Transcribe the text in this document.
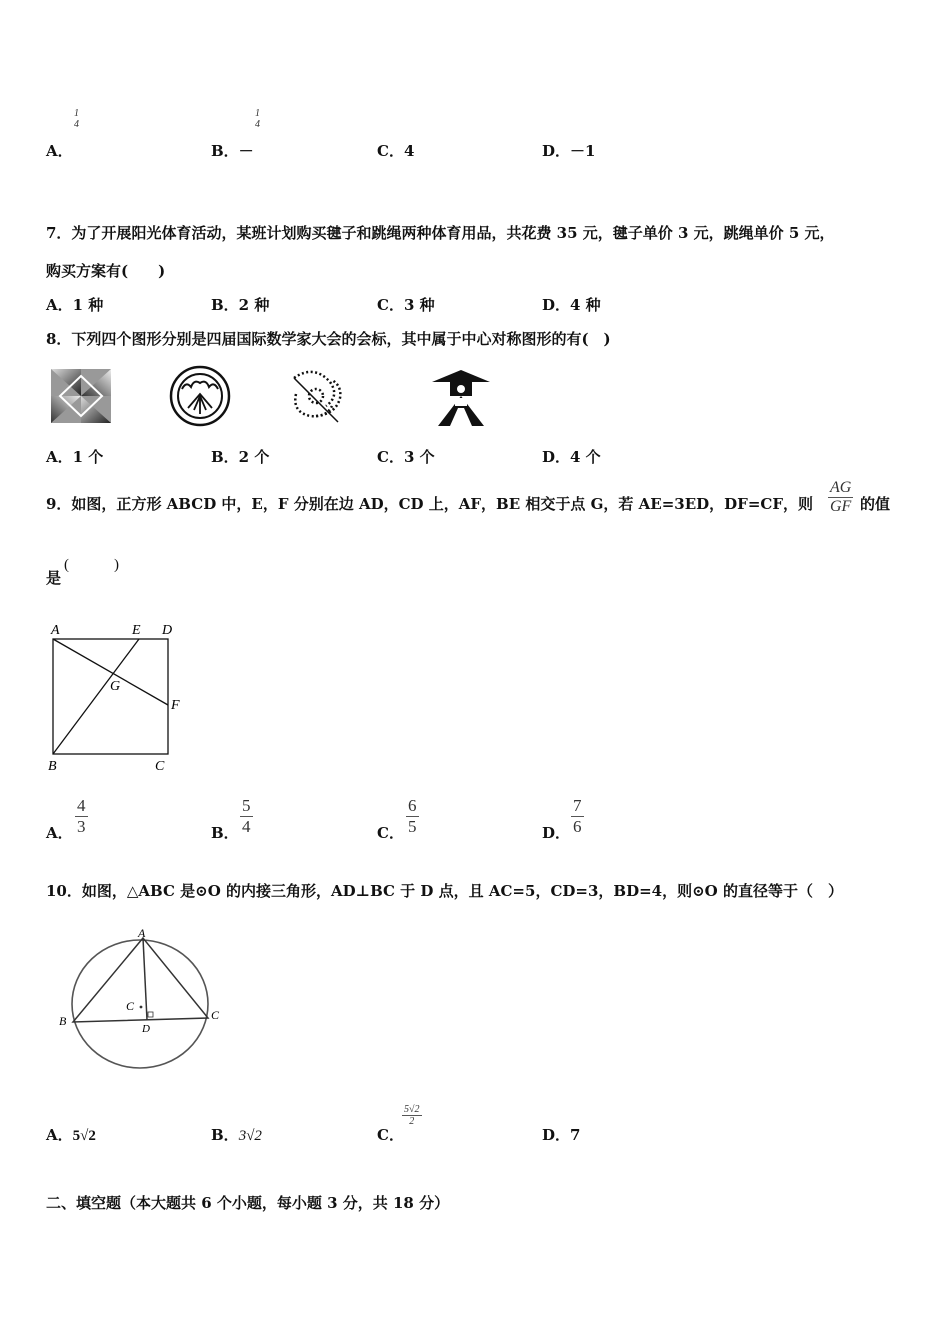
A．
1
4
B．－
1
4
C．4	D．－1
7．为了开展阳光体育活动，某班计划购买毽子和跳绳两种体育用品，共花费 35 元，毽子单价 3 元，跳绳单价 5 元，
购买方案有(　　)
A．1 种	B．2 种	C．3 种	D．4 种
8．下列四个图形分别是四届国际数学家大会的会标，其中属于中心对称图形的有(　)
A．1 个	B．2 个	C．3 个	D．4 个
9．如图，正方形 ABCD 中，E，F 分别在边 AD，CD 上，AF，BE 相交于点 G，若 AE=3ED，DF=CF，则
AG
GF 的值
是
(　　　)
A	E D
G
F
B	C
A．
4
3	B．
5
4	C．
6
5	D．
7
6
10．如图，△ABC 是⊙O 的内接三角形，AD⊥BC 于 D 点，且 AC=5，CD=3，BD=4，则⊙O 的直径等于（　）
A
B	C
D
C
A．5√2	B．3√2	C．
5√2
2
D．7
二、填空题（本大题共 6 个小题，每小题 3 分，共 18 分）
